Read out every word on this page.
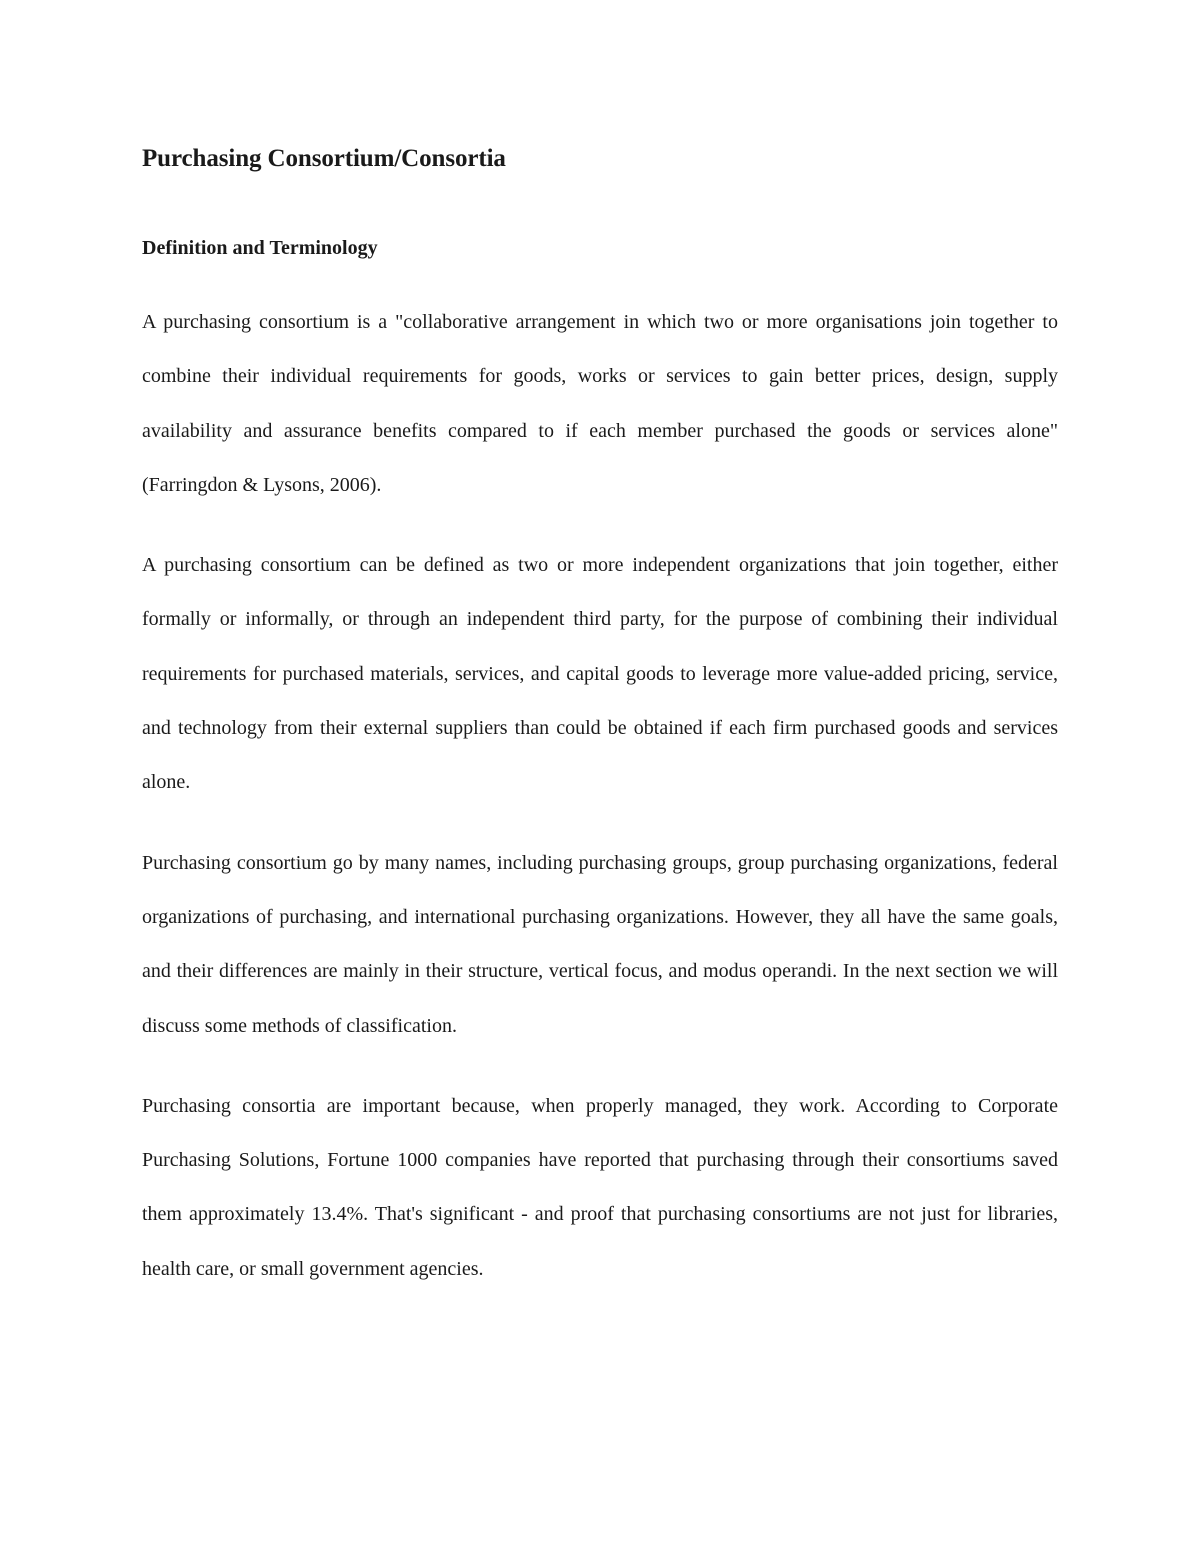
Purchasing Consortium/Consortia
Definition and Terminology

A purchasing consortium is a "collaborative arrangement in which two or more organisations join together to combine their individual requirements for goods, works or services to gain better prices, design, supply availability and assurance benefits compared to if each member purchased the goods or services alone" (Farringdon & Lysons, 2006).

A purchasing consortium can be defined as two or more independent organizations that join together, either formally or informally, or through an independent third party, for the purpose of combining their individual requirements for purchased materials, services, and capital goods to leverage more value-added pricing, service, and technology from their external suppliers than could be obtained if each firm purchased goods and services alone.

Purchasing consortium go by many names, including purchasing groups, group purchasing organizations, federal organizations of purchasing, and international purchasing organizations. However, they all have the same goals, and their differences are mainly in their structure, vertical focus, and modus operandi. In the next section we will discuss some methods of classification.

Purchasing consortia are important because, when properly managed, they work. According to Corporate Purchasing Solutions, Fortune 1000 companies have reported that purchasing through their consortiums saved them approximately 13.4%. That's significant - and proof that purchasing consortiums are not just for libraries, health care, or small government agencies.
